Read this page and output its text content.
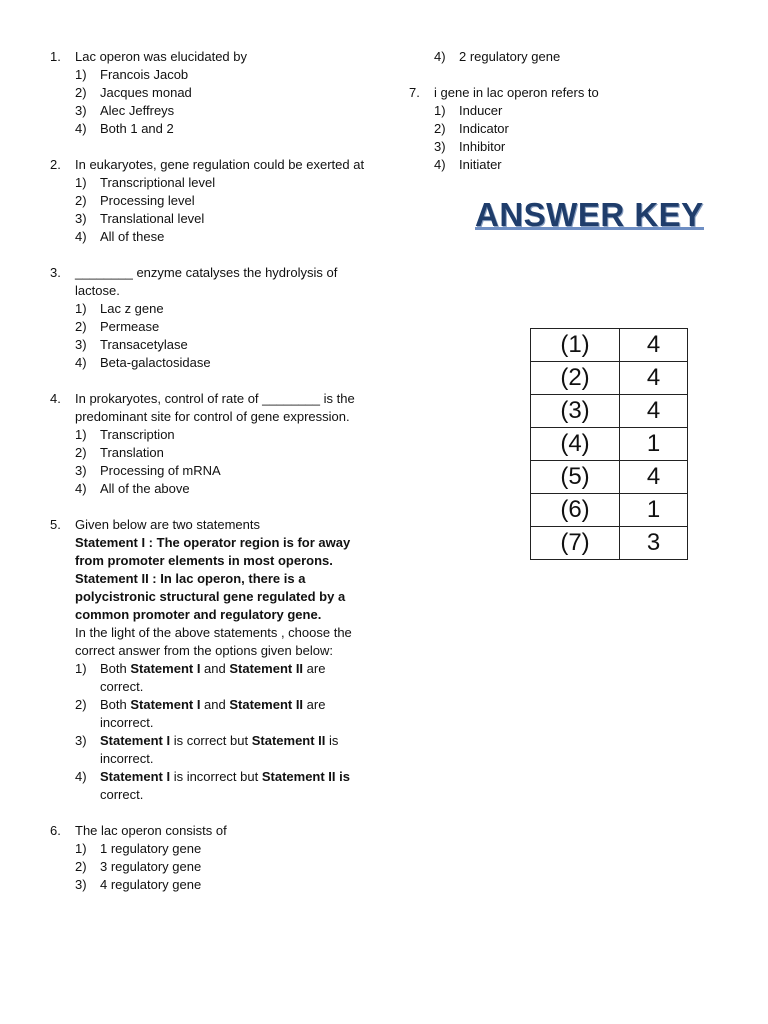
1.	Lac operon was elucidated by
1)	Francois Jacob
2)	Jacques monad
3)	Alec Jeffreys
4)	Both 1 and 2
2.	In eukaryotes, gene regulation could be exerted at
1)	Transcriptional level
2)	Processing level
3)	Translational level
4)	All of these
3.	________ enzyme catalyses the hydrolysis of lactose.
1)	Lac z gene
2)	Permease
3)	Transacetylase
4)	Beta-galactosidase
4.	In prokaryotes, control of rate of ________ is the predominant site for control of gene expression.
1)	Transcription
2)	Translation
3)	Processing of mRNA
4)	All of the above
5.	Given below are two statements
Statement I : The operator region is for away from promoter elements in most operons.
Statement II : In lac operon, there is a polycistronic structural gene regulated by a common promoter and regulatory gene.
In the light of the above statements , choose the correct answer from the options given below:
1)	Both Statement I and Statement II are correct.
2)	Both Statement I and Statement II are incorrect.
3)	Statement I is correct but Statement II is incorrect.
4)	Statement I is incorrect but Statement II is correct.
6.	The lac operon consists of
1)	1 regulatory gene
2)	3 regulatory gene
3)	4 regulatory gene
4)	2 regulatory gene
7.	i gene in lac operon refers to
1)	Inducer
2)	Indicator
3)	Inhibitor
4)	Initiater
ANSWER KEY
(1)	4
(2)	4
(3)	4
(4)	1
(5)	4
(6)	1
(7)	3
